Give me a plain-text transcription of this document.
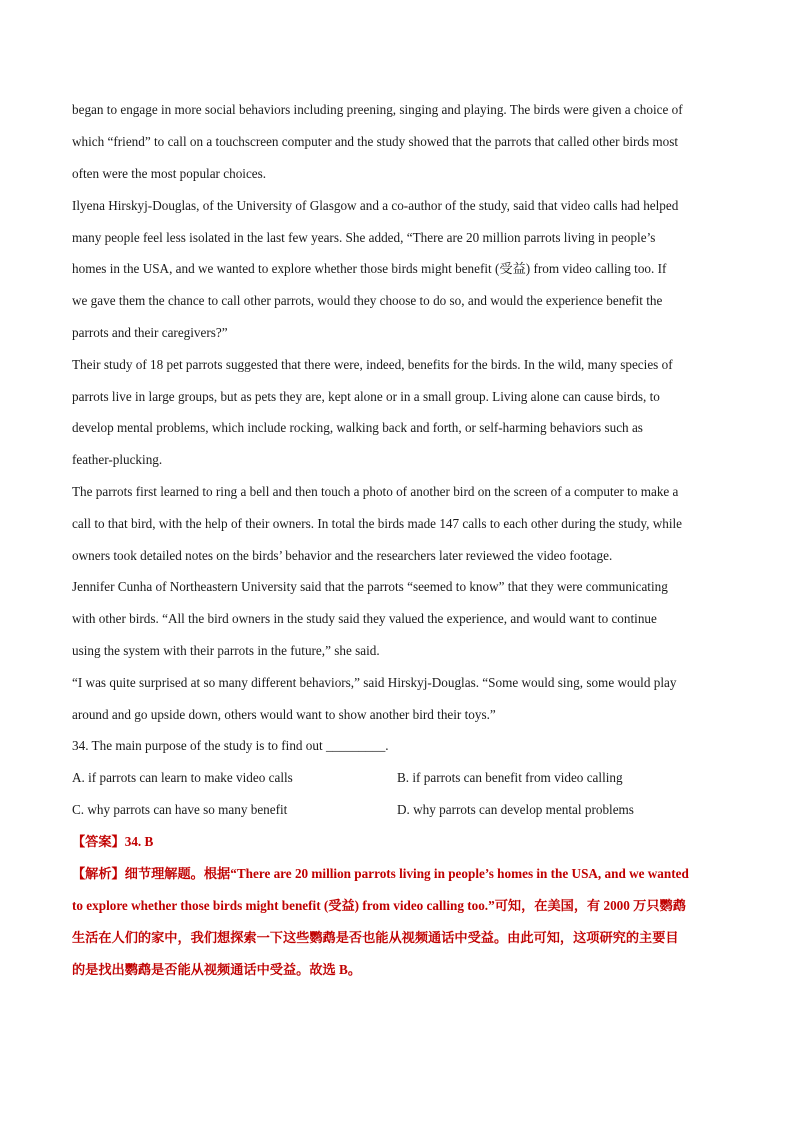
began to engage in more social behaviors including preening, singing and playing. The birds were given a choice of
which “friend” to call on a touchscreen computer and the study showed that the parrots that called other birds most
often were the most popular choices.
Ilyena Hirskyj-Douglas, of the University of Glasgow and a co-author of the study, said that video calls had helped
many people feel less isolated in the last few years. She added, “There are 20 million parrots living in people’s
homes in the USA, and we wanted to explore whether those birds might benefit (受益) from video calling too. If
we gave them the chance to call other parrots, would they choose to do so, and would the experience benefit the
parrots and their caregivers?”
Their study of 18 pet parrots suggested that there were, indeed, benefits for the birds. In the wild, many species of
parrots live in large groups, but as pets they are, kept alone or in a small group. Living alone can cause birds, to
develop mental problems, which include rocking, walking back and forth, or self-harming behaviors such as
feather-plucking.
The parrots first learned to ring a bell and then touch a photo of another bird on the screen of a computer to make a
call to that bird, with the help of their owners. In total the birds made 147 calls to each other during the study, while
owners took detailed notes on the birds’ behavior and the researchers later reviewed the video footage.
Jennifer Cunha of Northeastern University said that the parrots “seemed to know” that they were communicating
with other birds. “All the bird owners in the study said they valued the experience, and would want to continue
using the system with their parrots in the future,” she said.
“I was quite surprised at so many different behaviors,” said Hirskyj-Douglas. “Some would sing, some would play
around and go upside down, others would want to show another bird their toys.”
34. The main purpose of the study is to find out _________.
A. if parrots can learn to make video calls	B. if parrots can benefit from video calling
C. why parrots can have so many benefit	D. why parrots can develop mental problems
【答案】34. B
【解析】细节理解题。根据“There are 20 million parrots living in people’s homes in the USA, and we wanted
to explore whether those birds might benefit (受益) from video calling too.”可知，在美国，有 2000 万只鹦鹉
生活在人们的家中，我们想探索一下这些鹦鹉是否也能从视频通话中受益。由此可知，这项研究的主要目
的是找出鹦鹉是否能从视频通话中受益。故选 B。
